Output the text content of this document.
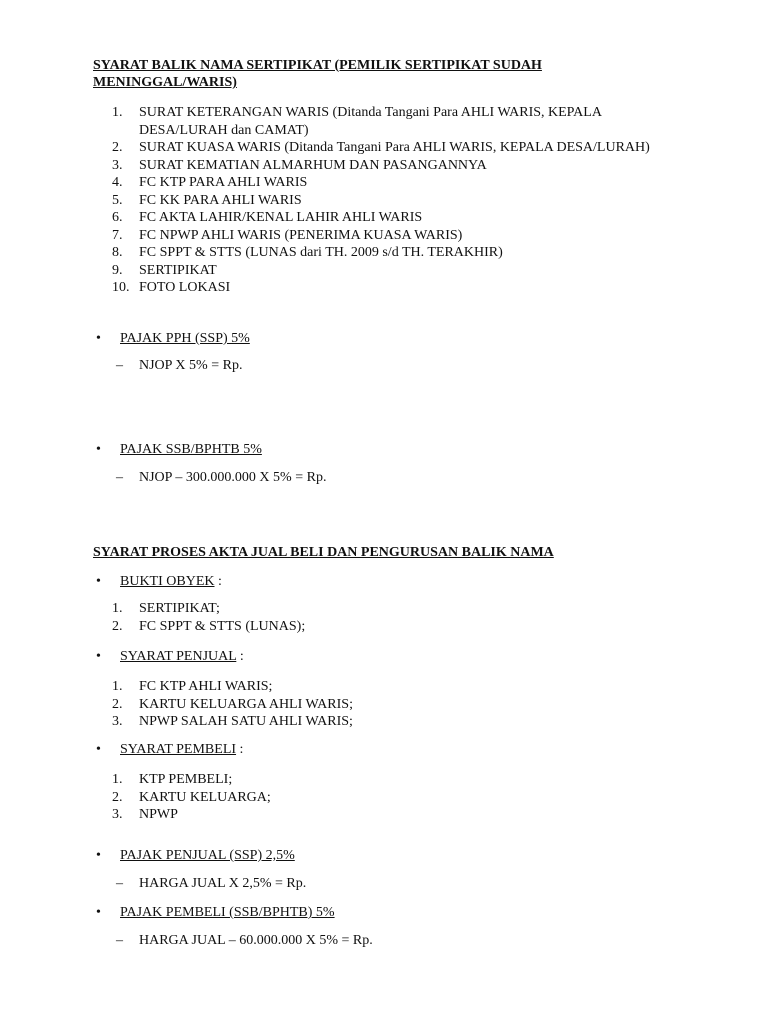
SYARAT BALIK NAMA SERTIPIKAT (PEMILIK SERTIPIKAT SUDAH MENINGGAL/WARIS)
1.	SURAT KETERANGAN WARIS (Ditanda Tangani Para AHLI WARIS, KEPALA DESA/LURAH dan CAMAT)
2.	SURAT KUASA WARIS (Ditanda Tangani Para AHLI WARIS, KEPALA DESA/LURAH)
3.	SURAT KEMATIAN ALMARHUM DAN PASANGANNYA
4.	FC KTP PARA AHLI WARIS
5.	FC KK PARA AHLI WARIS
6.	FC AKTA LAHIR/KENAL LAHIR AHLI WARIS
7.	FC NPWP AHLI WARIS (PENERIMA KUASA WARIS)
8.	FC SPPT & STTS (LUNAS dari TH. 2009 s/d TH. TERAKHIR)
9.	SERTIPIKAT
10. FOTO LOKASI
•	PAJAK PPH (SSP) 5%
– NJOP X 5% = Rp.
•	PAJAK SSB/BPHTB 5%
– NJOP – 300.000.000 X 5% = Rp.
SYARAT PROSES AKTA JUAL BELI DAN PENGURUSAN BALIK NAMA
•	BUKTI OBYEK :
1.	SERTIPIKAT;
2.	FC SPPT & STTS (LUNAS);
•	SYARAT PENJUAL :
1.	FC KTP AHLI WARIS;
2.	KARTU KELUARGA AHLI WARIS;
3.	NPWP SALAH SATU AHLI WARIS;
•	SYARAT PEMBELI :
1.	KTP PEMBELI;
2.	KARTU KELUARGA;
3.	NPWP
•	PAJAK PENJUAL (SSP) 2,5%
– HARGA JUAL X 2,5% = Rp.
•	PAJAK PEMBELI (SSB/BPHTB) 5%
– HARGA JUAL – 60.000.000 X 5% = Rp.
